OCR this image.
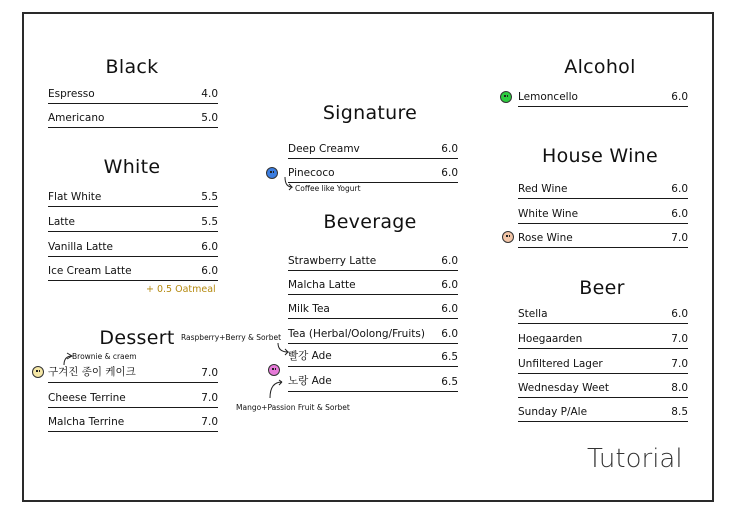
Black
Espresso	4.0
Americano	5.0
White
Flat White	5.5
Latte	5.5
Vanilla Latte	6.0
Ice Cream Latte	6.0
+ 0.5 Oatmeal
Dessert
Brownie & craem
구겨진 종이 케이크	7.0
Cheese Terrine	7.0
Malcha Terrine	7.0
Signature
Deep Creamv	6.0
Pinecoco	6.0
Coffee like Yogurt
Beverage
Strawberry Latte	6.0
Malcha Latte	6.0
Milk Tea	6.0
Raspberry+Berry & Sorbet Tea (Herbal/Oolong/Fruits) 6.0
빨강 Ade	6.5
노랑 Ade	6.5
Mango+Passion Fruit & Sorbet
Alcohol
Lemoncello	6.0
House Wine
Red Wine	6.0
White Wine	6.0
Rose Wine	7.0
Beer
Stella	6.0
Hoegaarden	7.0
Unfiltered Lager	7.0
Wednesday Weet	8.0
Sunday P/Ale	8.5
Tutorial
